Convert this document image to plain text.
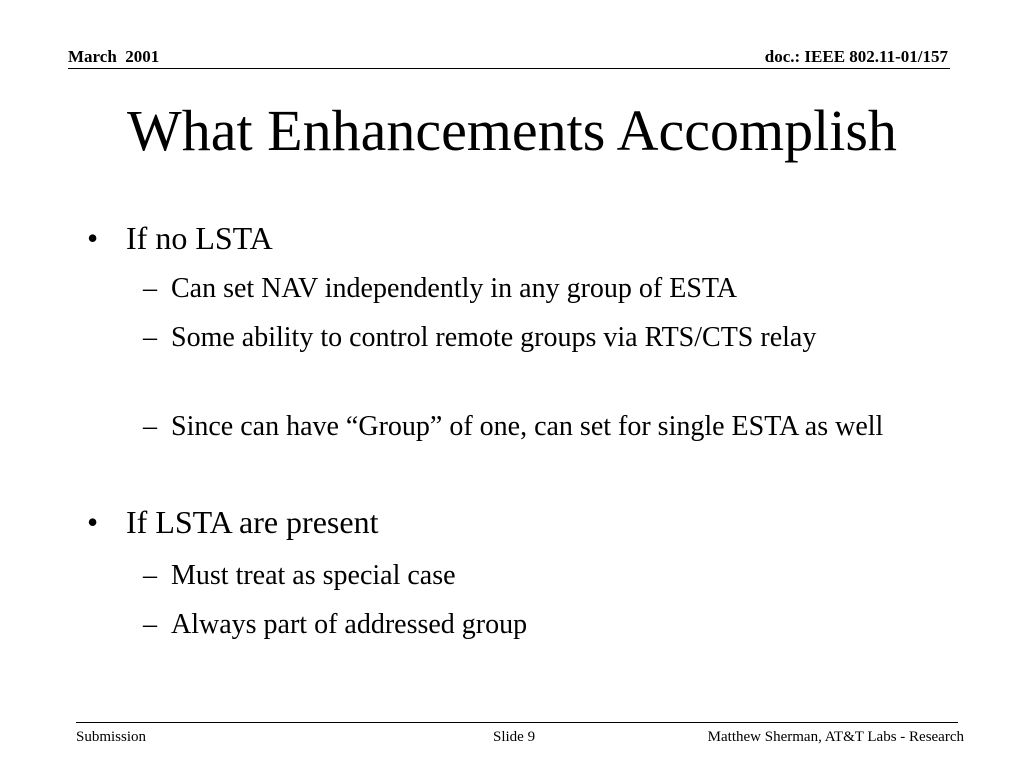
March  2001	doc.: IEEE 802.11-01/157
What Enhancements Accomplish
• If no LSTA
– Can set NAV independently in any group of ESTA
– Some ability to control remote groups via RTS/CTS relay
– Since can have “Group” of one, can set for single ESTA as well
• If LSTA are present
– Must treat as special case
– Always part of addressed group
Submission	Slide 9	Matthew Sherman, AT&T Labs - Research
